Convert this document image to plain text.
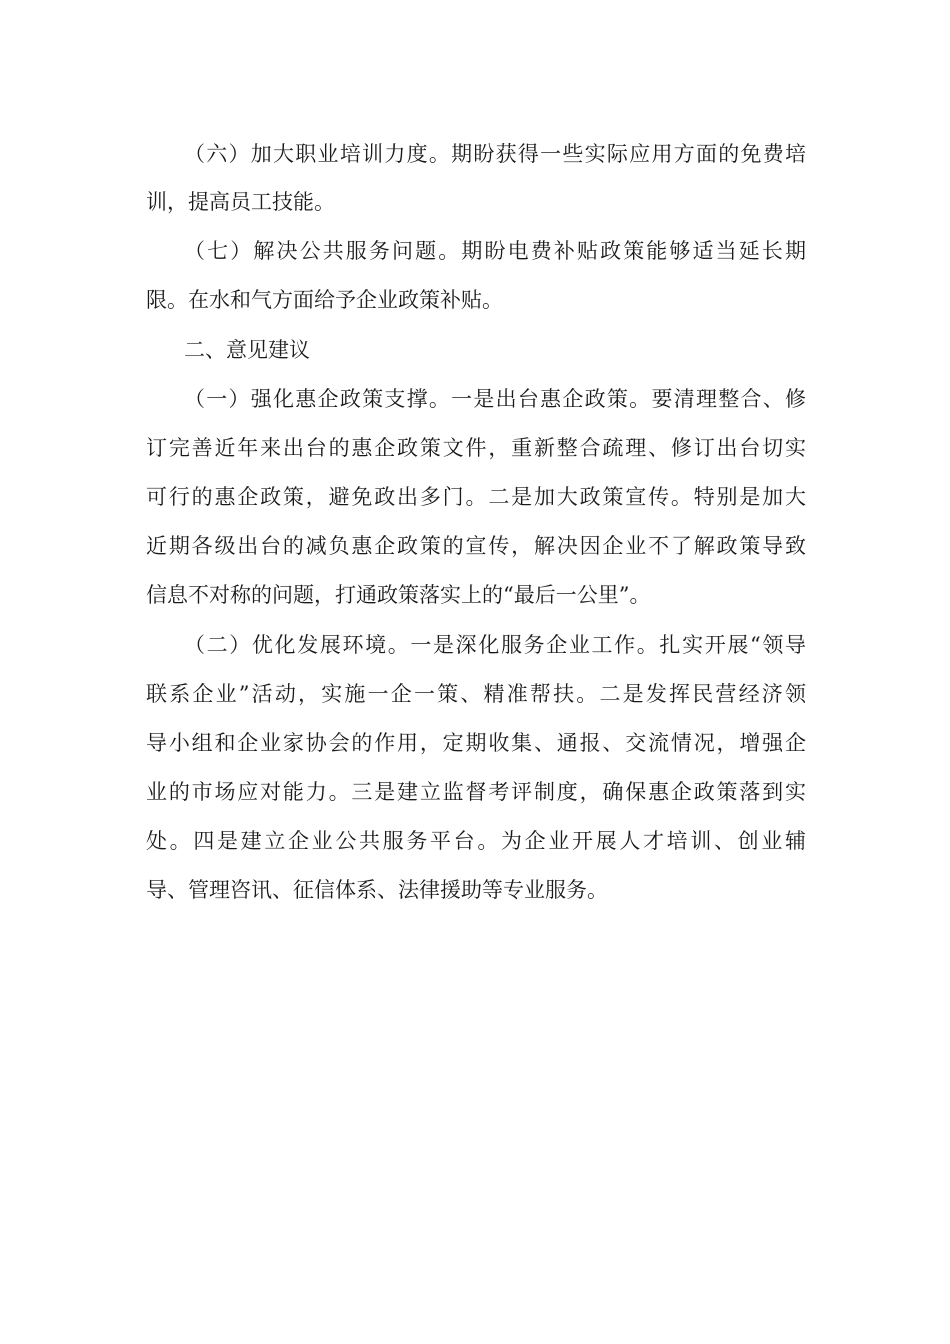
（六）加大职业培训力度。期盼获得一些实际应用方面的免费培
训，提高员工技能。
（七）解决公共服务问题。期盼电费补贴政策能够适当延长期
限。在水和气方面给予企业政策补贴。
二、意见建议
（一）强化惠企政策支撑。一是出台惠企政策。要清理整合、修
订完善近年来出台的惠企政策文件，重新整合疏理、修订出台切实
可行的惠企政策，避免政出多门。二是加大政策宣传。特别是加大
近期各级出台的减负惠企政策的宣传，解决因企业不了解政策导致
信息不对称的问题，打通政策落实上的“最后一公里”。
（二）优化发展环境。一是深化服务企业工作。扎实开展“领导
联系企业”活动，实施一企一策、精准帮扶。二是发挥民营经济领
导小组和企业家协会的作用，定期收集、通报、交流情况，增强企
业的市场应对能力。三是建立监督考评制度，确保惠企政策落到实
处。四是建立企业公共服务平台。为企业开展人才培训、创业辅
导、管理咨讯、征信体系、法律援助等专业服务。
